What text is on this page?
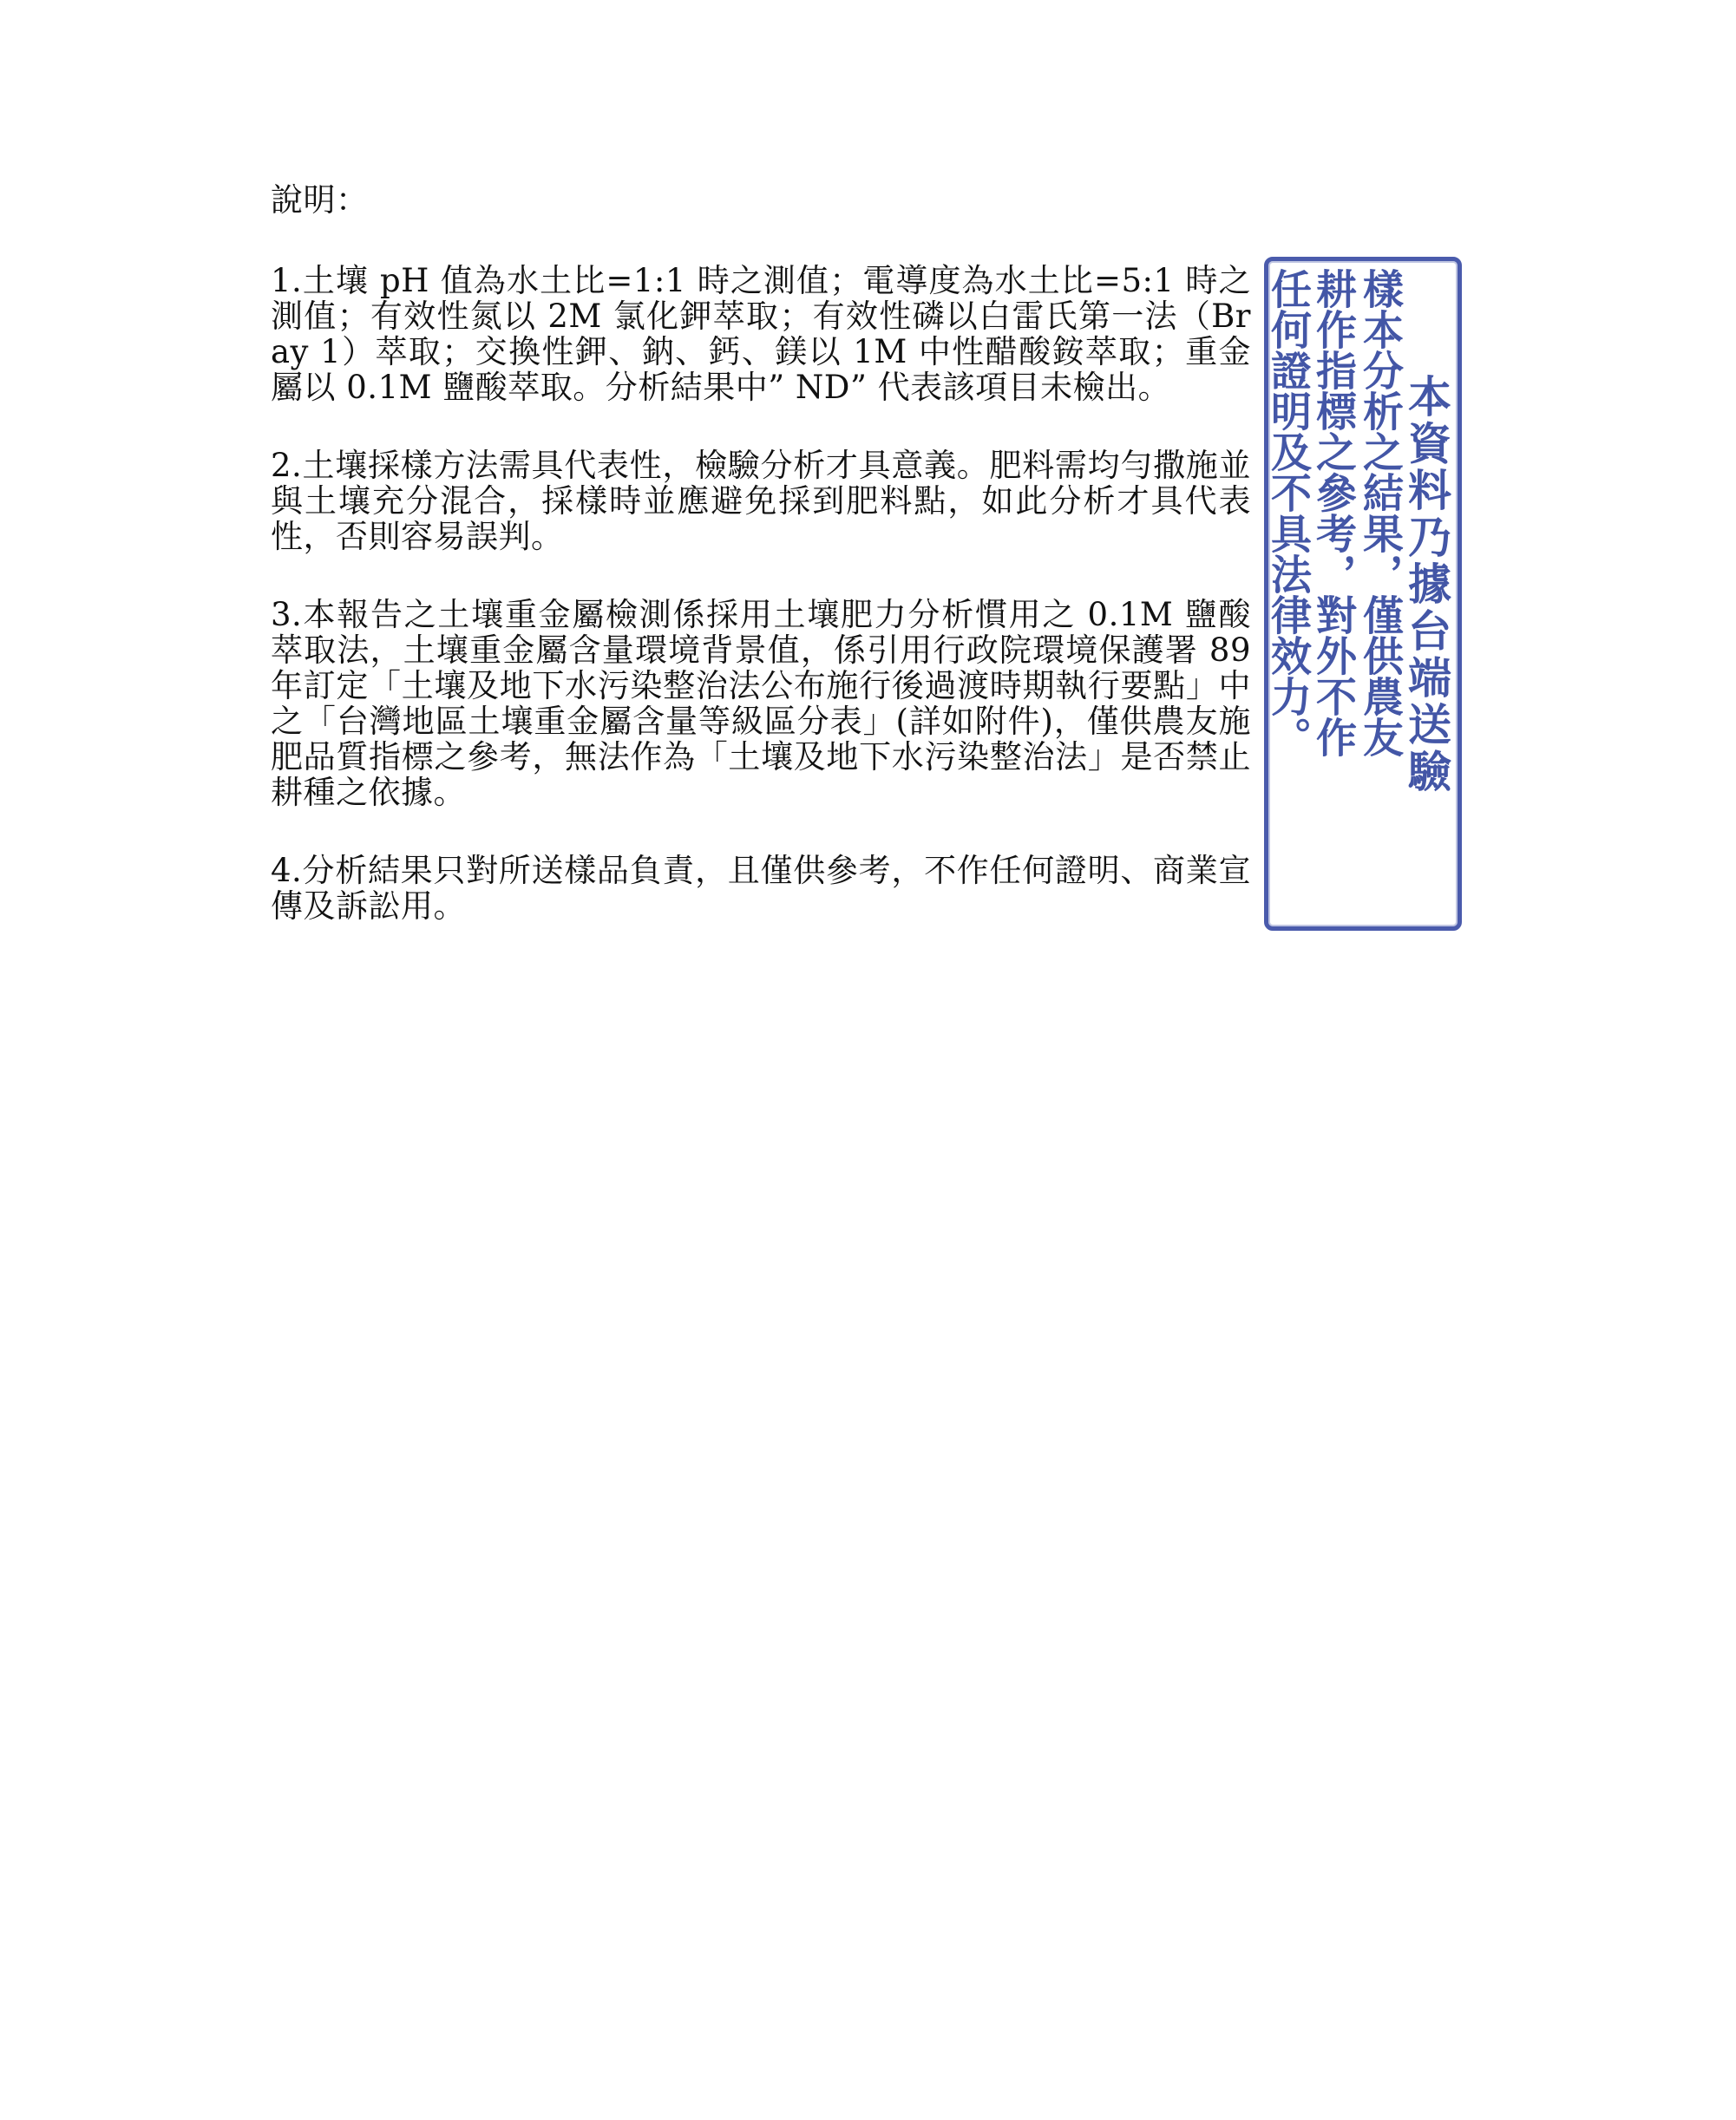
說明：

1.土壤 pH 值為水土比=1:1 時之測值；電導度為水土比=5:1 時之測值；有效性氮以 2M 氯化鉀萃取；有效性磷以白雷氏第一法（Bray 1）萃取；交換性鉀、鈉、鈣、鎂以 1M 中性醋酸銨萃取；重金屬以 0.1M 鹽酸萃取。分析結果中” ND” 代表該項目未檢出。

2.土壤採樣方法需具代表性，檢驗分析才具意義。肥料需均勻撒施並與土壤充分混合，採樣時並應避免採到肥料點，如此分析才具代表性，否則容易誤判。

3.本報告之土壤重金屬檢測係採用土壤肥力分析慣用之 0.1M 鹽酸萃取法，土壤重金屬含量環境背景值，係引用行政院環境保護署 89 年訂定「土壤及地下水污染整治法公布施行後過渡時期執行要點」中之「台灣地區土壤重金屬含量等級區分表」(詳如附件)，僅供農友施肥品質指標之參考，無法作為「土壤及地下水污染整治法」是否禁止耕種之依據。

4.分析結果只對所送樣品負責，且僅供參考，不作任何證明、商業宣傳及訴訟用。

本資料乃據台端送驗
樣本分析之結果，僅供農友
耕作指標之參考，對外不作
任何證明及不具法律效力。
